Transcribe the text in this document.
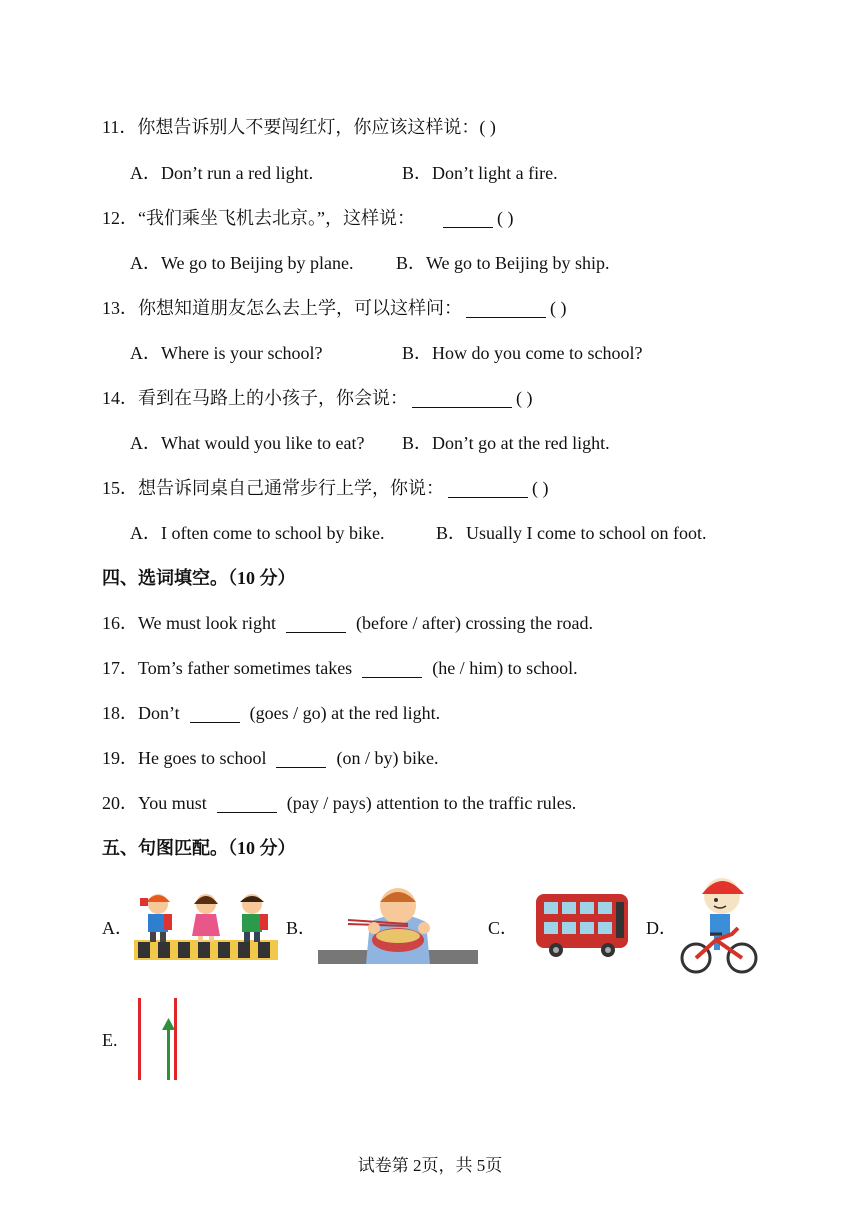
11．你想告诉别人不要闯红灯，你应该这样说：( )
A．Don’t run a red light.	B．Don’t light a fire.
12．“我们乘坐飞机去北京。”，这样说：	( )
A．We go to Beijing by plane. B．We go to Beijing by ship.
13．你想知道朋友怎么去上学，可以这样问：	( )
A．Where is your school?	B．How do you come to school?
14．看到在马路上的小孩子，你会说：	( )
A．What would you like to eat? B．Don’t go at the red light.
15．想告诉同桌自己通常步行上学，你说：	( )
A．I often come to school by bike.	B．Usually I come to school on foot.
四、选词填空。（10 分）
16．We must look right	(before / after) crossing the road.
17．Tom’s father sometimes takes	(he / him) to school.
18．Don’t	(goes / go) at the red light.
19．He goes to school	(on / by) bike.
20．You must	(pay / pays) attention to the traffic rules.
五、句图匹配。（10 分）
A．	B．	C．	D．
E.
试卷第 2页，共 5页
